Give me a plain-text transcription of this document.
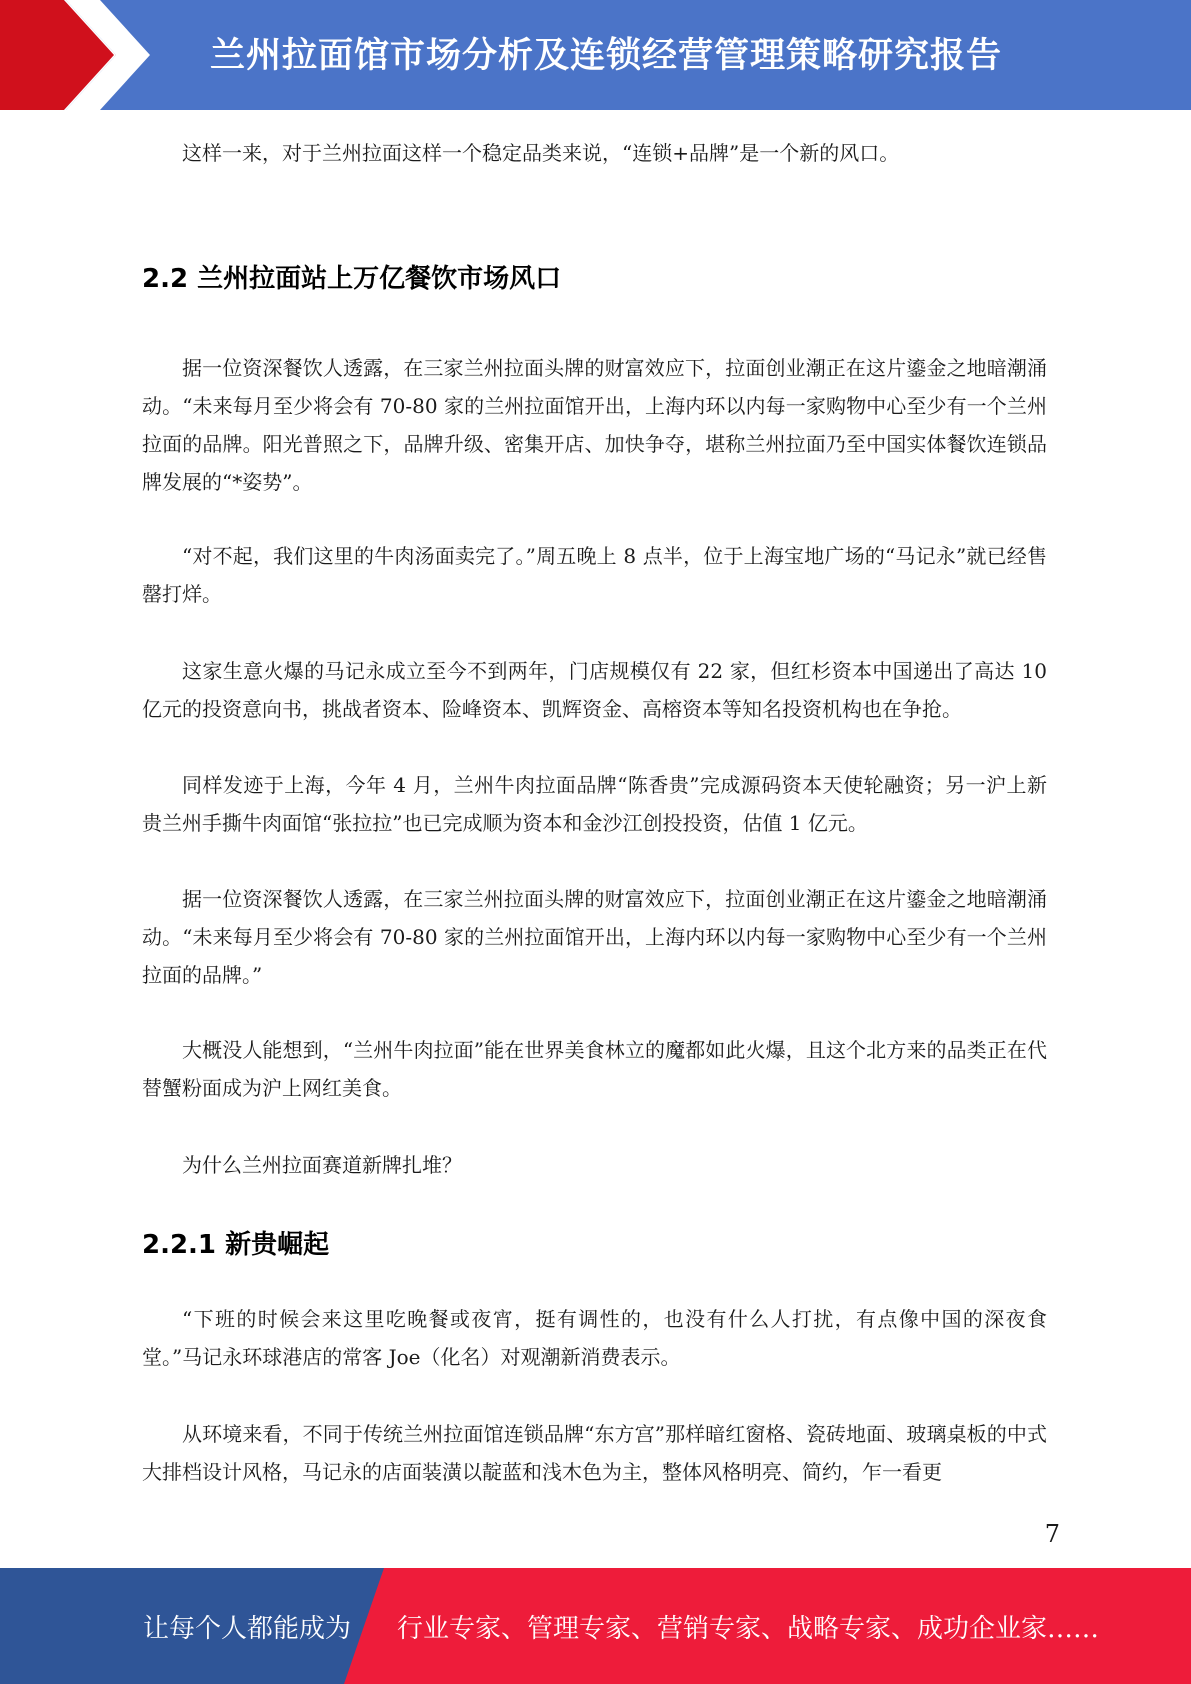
兰州拉面馆市场分析及连锁经营管理策略研究报告

这样一来，对于兰州拉面这样一个稳定品类来说，“连锁+品牌”是一个新的风口。

2.2 兰州拉面站上万亿餐饮市场风口

据一位资深餐饮人透露，在三家兰州拉面头牌的财富效应下，拉面创业潮正在这片鎏金之地暗潮涌动。“未来每月至少将会有 70-80 家的兰州拉面馆开出，上海内环以内每一家购物中心至少有一个兰州拉面的品牌。阳光普照之下，品牌升级、密集开店、加快争夺，堪称兰州拉面乃至中国实体餐饮连锁品牌发展的“*姿势”。

“对不起，我们这里的牛肉汤面卖完了。”周五晚上 8 点半，位于上海宝地广场的“马记永”就已经售罄打烊。

这家生意火爆的马记永成立至今不到两年，门店规模仅有 22 家，但红杉资本中国递出了高达 10 亿元的投资意向书，挑战者资本、险峰资本、凯辉资金、高榕资本等知名投资机构也在争抢。

同样发迹于上海，今年 4 月，兰州牛肉拉面品牌“陈香贵”完成源码资本天使轮融资；另一沪上新贵兰州手撕牛肉面馆“张拉拉”也已完成顺为资本和金沙江创投投资，估值 1 亿元。

据一位资深餐饮人透露，在三家兰州拉面头牌的财富效应下，拉面创业潮正在这片鎏金之地暗潮涌动。“未来每月至少将会有 70-80 家的兰州拉面馆开出，上海内环以内每一家购物中心至少有一个兰州拉面的品牌。”

大概没人能想到，“兰州牛肉拉面”能在世界美食林立的魔都如此火爆，且这个北方来的品类正在代替蟹粉面成为沪上网红美食。

为什么兰州拉面赛道新牌扎堆？

2.2.1 新贵崛起

“下班的时候会来这里吃晚餐或夜宵，挺有调性的，也没有什么人打扰，有点像中国的深夜食堂。”马记永环球港店的常客 Joe（化名）对观潮新消费表示。

从环境来看，不同于传统兰州拉面馆连锁品牌“东方宫”那样暗红窗格、瓷砖地面、玻璃桌板的中式大排档设计风格，马记永的店面装潢以靛蓝和浅木色为主，整体风格明亮、简约，乍一看更

7
让每个人都能成为 行业专家、管理专家、营销专家、战略专家、成功企业家……
